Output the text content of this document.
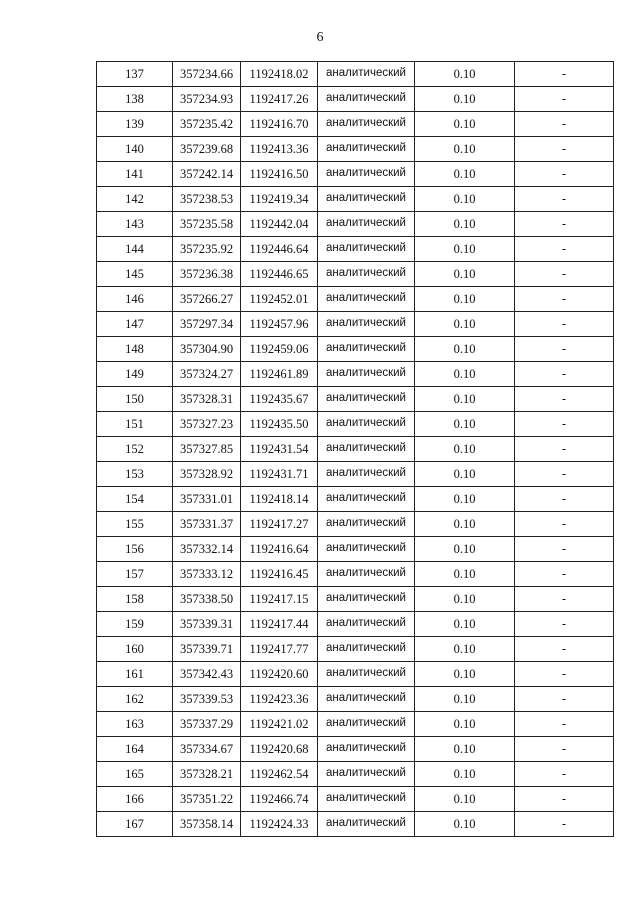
6
137	357234.66	1192418.02	аналитический	0.10	-
138	357234.93	1192417.26	аналитический	0.10	-
139	357235.42	1192416.70	аналитический	0.10	-
140	357239.68	1192413.36	аналитический	0.10	-
141	357242.14	1192416.50	аналитический	0.10	-
142	357238.53	1192419.34	аналитический	0.10	-
143	357235.58	1192442.04	аналитический	0.10	-
144	357235.92	1192446.64	аналитический	0.10	-
145	357236.38	1192446.65	аналитический	0.10	-
146	357266.27	1192452.01	аналитический	0.10	-
147	357297.34	1192457.96	аналитический	0.10	-
148	357304.90	1192459.06	аналитический	0.10	-
149	357324.27	1192461.89	аналитический	0.10	-
150	357328.31	1192435.67	аналитический	0.10	-
151	357327.23	1192435.50	аналитический	0.10	-
152	357327.85	1192431.54	аналитический	0.10	-
153	357328.92	1192431.71	аналитический	0.10	-
154	357331.01	1192418.14	аналитический	0.10	-
155	357331.37	1192417.27	аналитический	0.10	-
156	357332.14	1192416.64	аналитический	0.10	-
157	357333.12	1192416.45	аналитический	0.10	-
158	357338.50	1192417.15	аналитический	0.10	-
159	357339.31	1192417.44	аналитический	0.10	-
160	357339.71	1192417.77	аналитический	0.10	-
161	357342.43	1192420.60	аналитический	0.10	-
162	357339.53	1192423.36	аналитический	0.10	-
163	357337.29	1192421.02	аналитический	0.10	-
164	357334.67	1192420.68	аналитический	0.10	-
165	357328.21	1192462.54	аналитический	0.10	-
166	357351.22	1192466.74	аналитический	0.10	-
167	357358.14	1192424.33	аналитический	0.10	-
